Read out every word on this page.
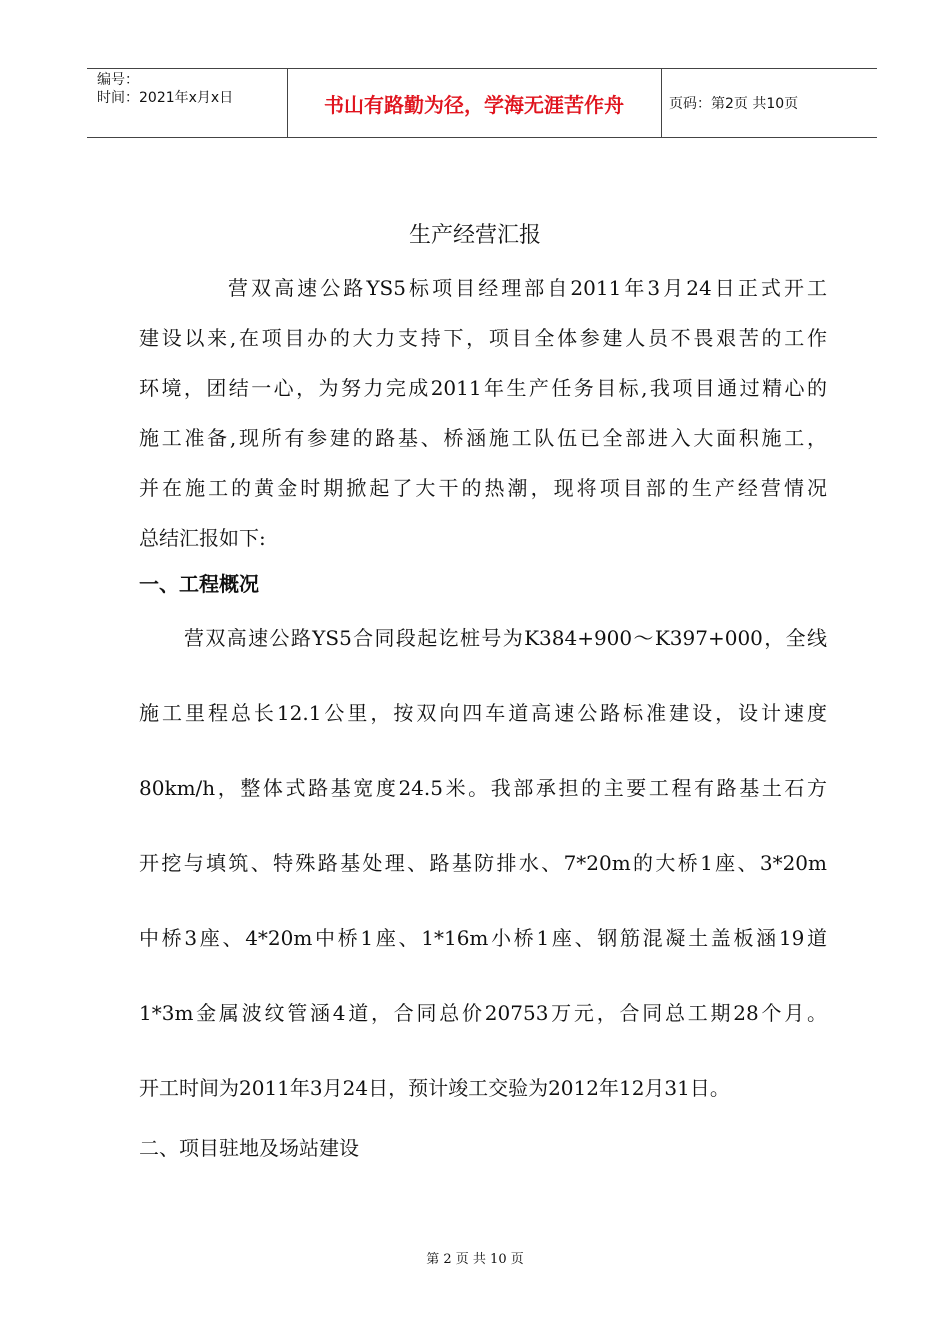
编号：
时间：2021年x月x日	书山有路勤为径，学海无涯苦作舟	页码：第2页 共10页
生产经营汇报
营双高速公路YS5标项目经理部自2011年3月24日正式开工
建设以来,在项目办的大力支持下，项目全体参建人员不畏艰苦的工作
环境，团结一心，为努力完成2011年生产任务目标,我项目通过精心的
施工准备,现所有参建的路基、桥涵施工队伍已全部进入大面积施工，
并在施工的黄金时期掀起了大干的热潮，现将项目部的生产经营情况
总结汇报如下:
一、工程概况
营双高速公路YS5合同段起讫桩号为K384+900～K397+000，全线
施工里程总长12.1公里，按双向四车道高速公路标准建设，设计速度
80km/h，整体式路基宽度24.5米。我部承担的主要工程有路基土石方
开挖与填筑、特殊路基处理、路基防排水、7*20m的大桥1座、3*20m
中桥3座、4*20m中桥1座、1*16m小桥1座、钢筋混凝土盖板涵19道
1*3m金属波纹管涵4道，合同总价20753万元，合同总工期28个月。
开工时间为2011年3月24日，预计竣工交验为2012年12月31日。
二、项目驻地及场站建设
第 2 页 共 10 页
